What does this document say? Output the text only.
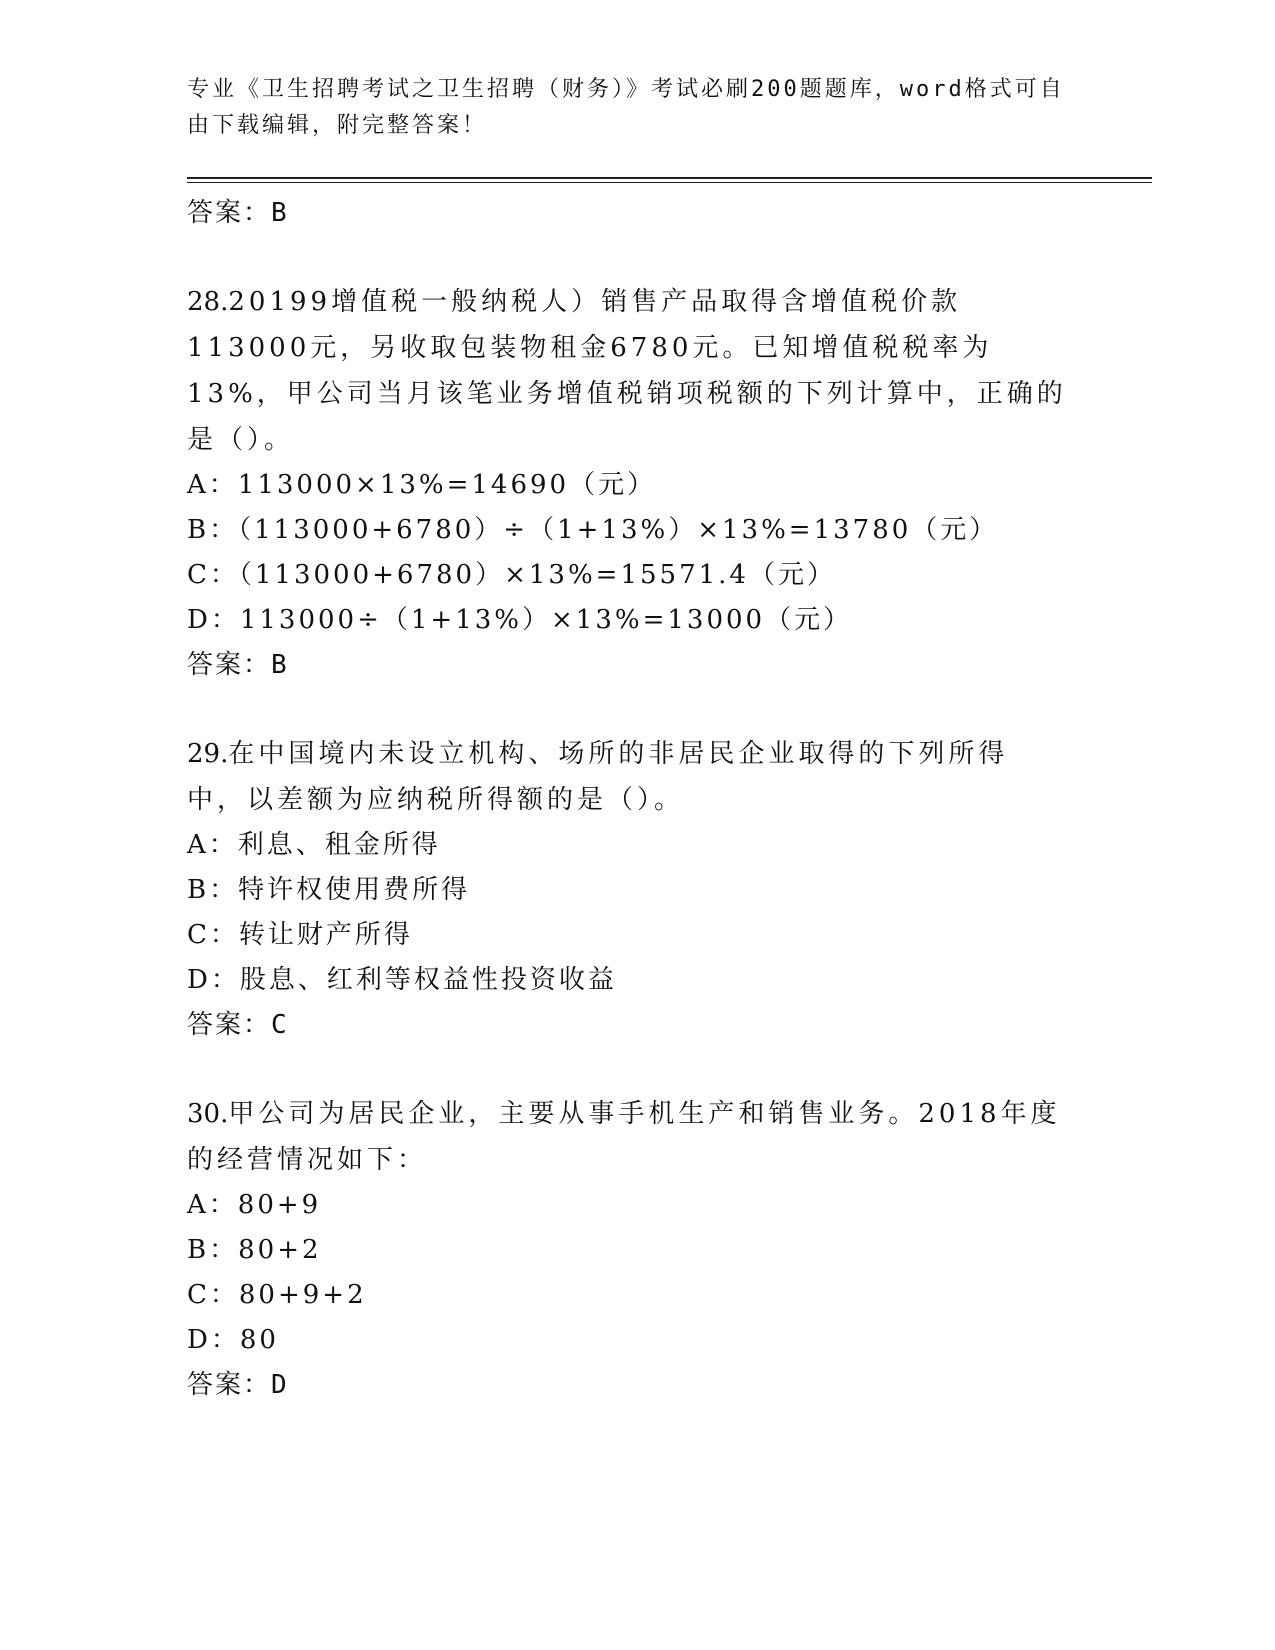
专业《卫生招聘考试之卫生招聘（财务）》考试必刷200题题库，word格式可自
由下载编辑，附完整答案！
答案：B

28.20199增值税一般纳税人）销售产品取得含增值税价款113000元，另收取包装物租金6780元。已知增值税税率为13%，甲公司当月该笔业务增值税销项税额的下列计算中，正确的是（）。

A：113000×13%=14690（元）
B：（113000+6780）÷（1+13%）×13%=13780（元）
C：（113000+6780）×13%=15571.4（元）
D：113000÷（1+13%）×13%=13000（元）
答案：B

29.在中国境内未设立机构、场所的非居民企业取得的下列所得中，以差额为应纳税所得额的是（）。

A：利息、租金所得
B：特许权使用费所得
C：转让财产所得
D：股息、红利等权益性投资收益
答案：C

30.甲公司为居民企业，主要从事手机生产和销售业务。2018年度的经营情况如下：

A：80+9
B：80+2
C：80+9+2
D：80
答案：D
